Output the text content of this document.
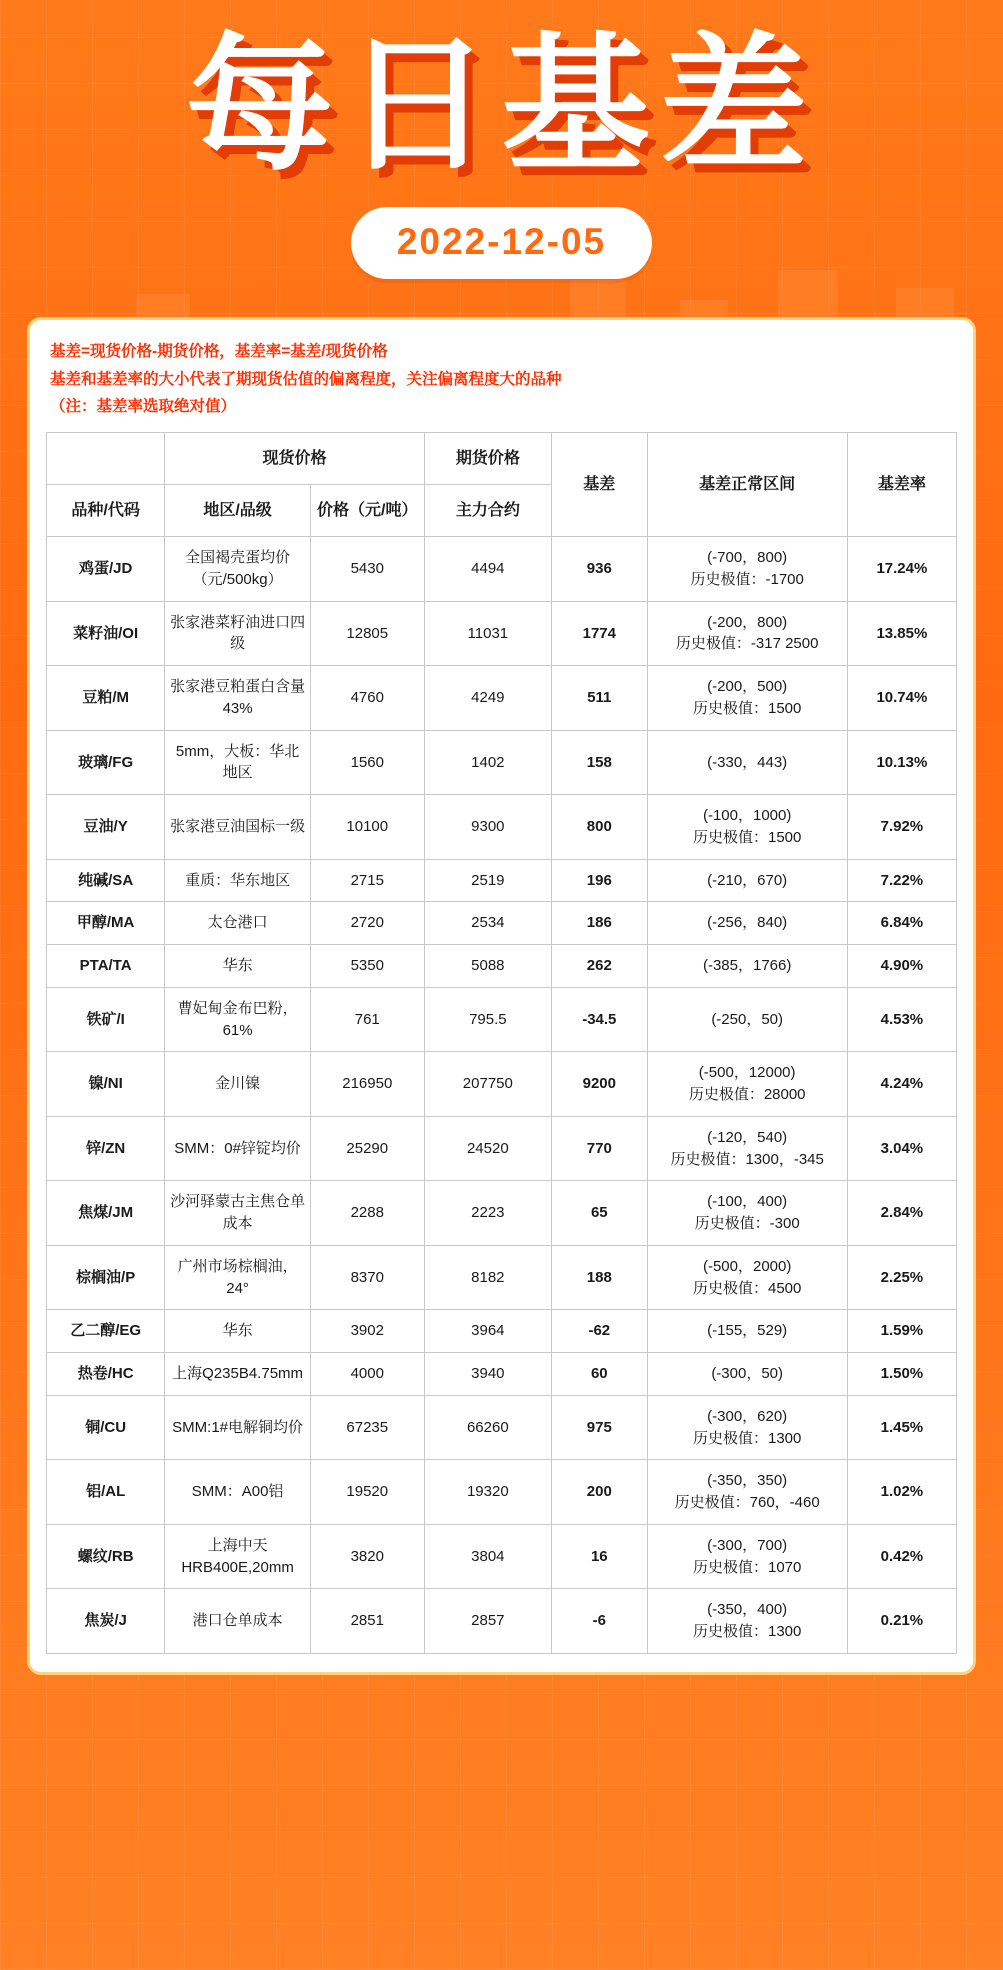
每日基差
2022-12-05
基差=现货价格-期货价格，基差率=基差/现货价格
基差和基差率的大小代表了期现货估值的偏离程度，关注偏离程度大的品种
（注：基差率选取绝对值）
	现货价格		期货价格	基差	基差正常区间	基差率
品种/代码	地区/品级	价格（元/吨）	主力合约			
鸡蛋/JD	全国褐壳蛋均价（元/500kg）	5430	4494	936	(-700，800)
历史极值：-1700	17.24%
菜籽油/OI	张家港菜籽油进口四级	12805	11031	1774	(-200，800)
历史极值：-317 2500	13.85%
豆粕/M	张家港豆粕蛋白含量43%	4760	4249	511	(-200，500)
历史极值：1500	10.74%
玻璃/FG	5mm，大板：华北地区	1560	1402	158	(-330，443)	10.13%
豆油/Y	张家港豆油国标一级	10100	9300	800	(-100，1000)
历史极值：1500	7.92%
纯碱/SA	重质：华东地区	2715	2519	196	(-210，670)	7.22%
甲醇/MA	太仓港口	2720	2534	186	(-256，840)	6.84%
PTA/TA	华东	5350	5088	262	(-385，1766)	4.90%
铁矿/I	曹妃甸金布巴粉，61%	761	795.5	-34.5	(-250，50)	4.53%
镍/NI	金川镍	216950	207750	9200	(-500，12000)
历史极值：28000	4.24%
锌/ZN	SMM：0#锌锭均价	25290	24520	770	(-120，540)
历史极值：1300，-345	3.04%
焦煤/JM	沙河驿蒙古主焦仓单成本	2288	2223	65	(-100，400)
历史极值：-300	2.84%
棕榈油/P	广州市场棕榈油，24°	8370	8182	188	(-500，2000)
历史极值：4500	2.25%
乙二醇/EG	华东	3902	3964	-62	(-155，529)	1.59%
热卷/HC	上海Q235B4.75mm	4000	3940	60	(-300，50)	1.50%
铜/CU	SMM:1#电解铜均价	67235	66260	975	(-300，620)
历史极值：1300	1.45%
铝/AL	SMM：A00铝	19520	19320	200	(-350，350)
历史极值：760，-460	1.02%
螺纹/RB	上海中天HRB400E,20mm	3820	3804	16	(-300，700)
历史极值：1070	0.42%
焦炭/J	港口仓单成本	2851	2857	-6	(-350，400)
历史极值：1300	0.21%
